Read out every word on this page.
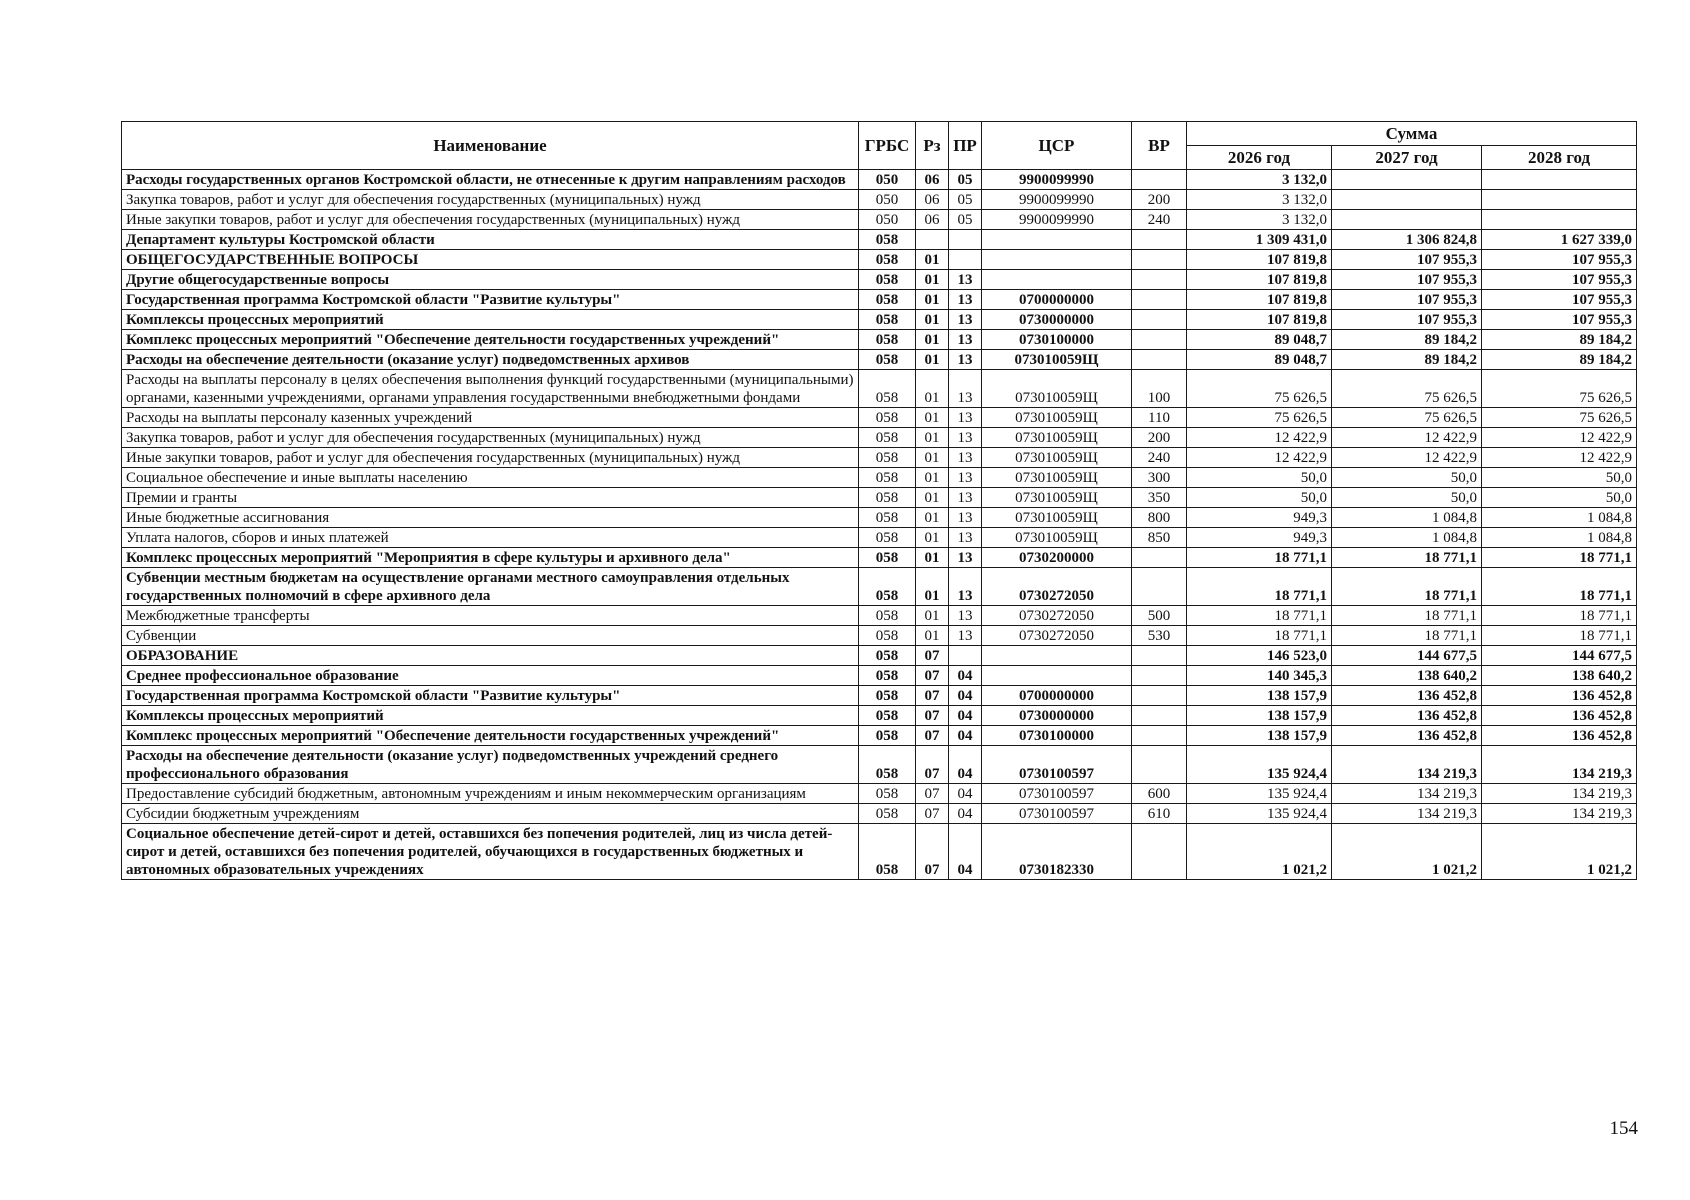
Наименование	ГРБС	Рз	ПР	ЦСР	ВР	Сумма		
						2026 год	2027 год	2028 год
Расходы государственных органов Костромской области, не отнесенные к другим направлениям расходов	050	06	05	9900099990		3 132,0		
Закупка товаров, работ и услуг для обеспечения государственных (муниципальных) нужд	050	06	05	9900099990	200	3 132,0		
Иные закупки товаров, работ и услуг для обеспечения государственных (муниципальных) нужд	050	06	05	9900099990	240	3 132,0		
Департамент культуры Костромской области	058					1 309 431,0	1 306 824,8	1 627 339,0
ОБЩЕГОСУДАРСТВЕННЫЕ ВОПРОСЫ	058	01				107 819,8	107 955,3	107 955,3
Другие общегосударственные вопросы	058	01	13			107 819,8	107 955,3	107 955,3
Государственная программа Костромской области "Развитие культуры"	058	01	13	0700000000		107 819,8	107 955,3	107 955,3
Комплексы процессных мероприятий	058	01	13	0730000000		107 819,8	107 955,3	107 955,3
Комплекс процессных мероприятий "Обеспечение деятельности государственных учреждений"	058	01	13	0730100000		89 048,7	89 184,2	89 184,2
Расходы на обеспечение деятельности (оказание услуг) подведомственных архивов	058	01	13	073010059Щ		89 048,7	89 184,2	89 184,2
Расходы на выплаты персоналу в целях обеспечения выполнения функций государственными (муниципальными) органами, казенными учреждениями, органами управления государственными внебюджетными фондами	058	01	13	073010059Щ	100	75 626,5	75 626,5	75 626,5
Расходы на выплаты персоналу казенных учреждений	058	01	13	073010059Щ	110	75 626,5	75 626,5	75 626,5
Закупка товаров, работ и услуг для обеспечения государственных (муниципальных) нужд	058	01	13	073010059Щ	200	12 422,9	12 422,9	12 422,9
Иные закупки товаров, работ и услуг для обеспечения государственных (муниципальных) нужд	058	01	13	073010059Щ	240	12 422,9	12 422,9	12 422,9
Социальное обеспечение и иные выплаты населению	058	01	13	073010059Щ	300	50,0	50,0	50,0
Премии и гранты	058	01	13	073010059Щ	350	50,0	50,0	50,0
Иные бюджетные ассигнования	058	01	13	073010059Щ	800	949,3	1 084,8	1 084,8
Уплата налогов, сборов и иных платежей	058	01	13	073010059Щ	850	949,3	1 084,8	1 084,8
Комплекс процессных мероприятий "Мероприятия в сфере культуры и архивного дела"	058	01	13	0730200000		18 771,1	18 771,1	18 771,1
Субвенции местным бюджетам на осуществление органами местного самоуправления отдельных государственных полномочий в сфере архивного дела	058	01	13	0730272050		18 771,1	18 771,1	18 771,1
Межбюджетные трансферты	058	01	13	0730272050	500	18 771,1	18 771,1	18 771,1
Субвенции	058	01	13	0730272050	530	18 771,1	18 771,1	18 771,1
ОБРАЗОВАНИЕ	058	07				146 523,0	144 677,5	144 677,5
Среднее профессиональное образование	058	07	04			140 345,3	138 640,2	138 640,2
Государственная программа Костромской области "Развитие культуры"	058	07	04	0700000000		138 157,9	136 452,8	136 452,8
Комплексы процессных мероприятий	058	07	04	0730000000		138 157,9	136 452,8	136 452,8
Комплекс процессных мероприятий "Обеспечение деятельности государственных учреждений"	058	07	04	0730100000		138 157,9	136 452,8	136 452,8
Расходы на обеспечение деятельности (оказание услуг) подведомственных учреждений среднего профессионального образования	058	07	04	0730100597		135 924,4	134 219,3	134 219,3
Предоставление субсидий бюджетным, автономным учреждениям и иным некоммерческим организациям	058	07	04	0730100597	600	135 924,4	134 219,3	134 219,3
Субсидии бюджетным учреждениям	058	07	04	0730100597	610	135 924,4	134 219,3	134 219,3
Социальное обеспечение детей-сирот и детей, оставшихся без попечения родителей, лиц из числа детей-сирот и детей, оставшихся без попечения родителей, обучающихся в государственных бюджетных и автономных образовательных учреждениях	058	07	04	0730182330		1 021,2	1 021,2	1 021,2
154
